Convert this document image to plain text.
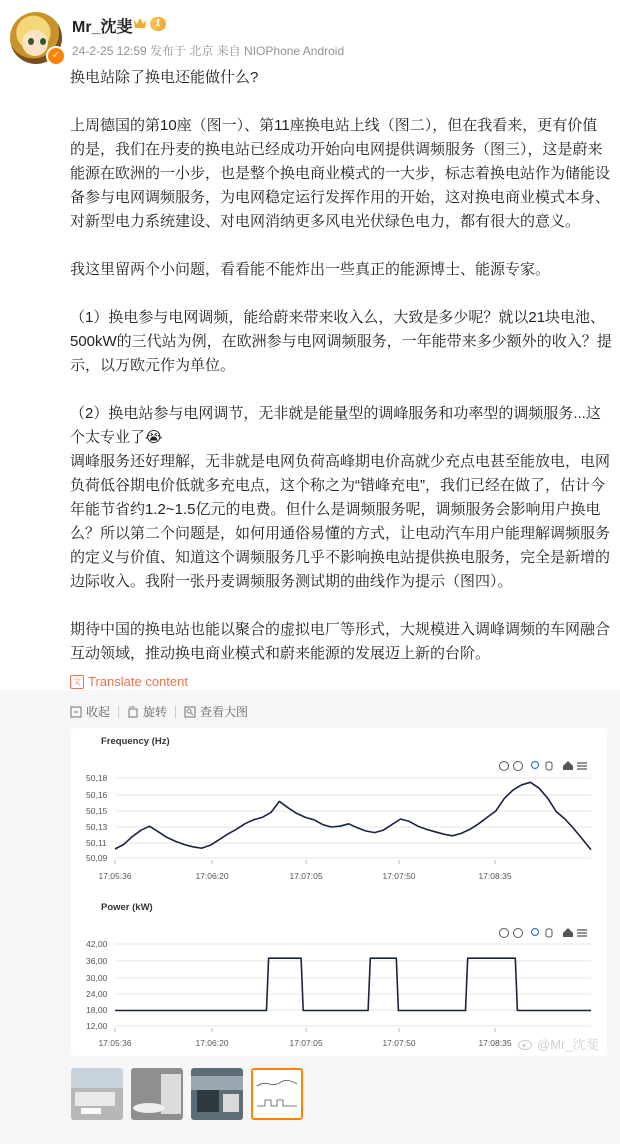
✓
Mr_沈斐	1
24-2-25 12:59 发布于 北京 来自 NIOPhone Android

换电站除了换电还能做什么?

上周德国的第10座（图一）、第11座换电站上线（图二），但在我看来，更有价值的是，我们在丹麦的换电站已经成功开始向电网提供调频服务（图三），这是蔚来能源在欧洲的一小步，也是整个换电商业模式的一大步，标志着换电站作为储能设备参与电网调频服务，为电网稳定运行发挥作用的开始，这对换电商业模式本身、对新型电力系统建设、对电网消纳更多风电光伏绿色电力，都有很大的意义。

我这里留两个小问题，看看能不能炸出一些真正的能源博士、能源专家。

（1）换电参与电网调频，能给蔚来带来收入么，大致是多少呢？就以21块电池、500kW的三代站为例，在欧洲参与电网调频服务，一年能带来多少额外的收入？提示，以万欧元作为单位。

（2）换电站参与电网调节，无非就是能量型的调峰服务和功率型的调频服务...这个太专业了😭

调峰服务还好理解，无非就是电网负荷高峰期电价高就少充点电甚至能放电，电网负荷低谷期电价低就多充电点，这个称之为“错峰充电”，我们已经在做了，估计今年能节省约1.2~1.5亿元的电费。但什么是调频服务呢，调频服务会影响用户换电么？所以第二个问题是，如何用通俗易懂的方式，让电动汽车用户能理解调频服务的定义与价值、知道这个调频服务几乎不影响换电站提供换电服务，完全是新增的边际收入。我附一张丹麦调频服务测试期的曲线作为提示（图四）。

期待中国的换电站也能以聚合的虚拟电厂等形式，大规模进入调峰调频的车网融合互动领域，推动换电商业模式和蔚来能源的发展迈上新的台阶。

文 Translate content
收起	旋转	查看大图
Frequency (Hz)
50,18
50,16
50,15
50,13
50,11
50,09
17:05:36	17:06:20	17:07:05	17:07:50	17:08:35
Power (kW)
42,00
36,00
30,00
24,00
18,00
12,00
17:05:36	17:06:20	17:07:05	17:07:50	17:08:35 @Mr_沈斐
